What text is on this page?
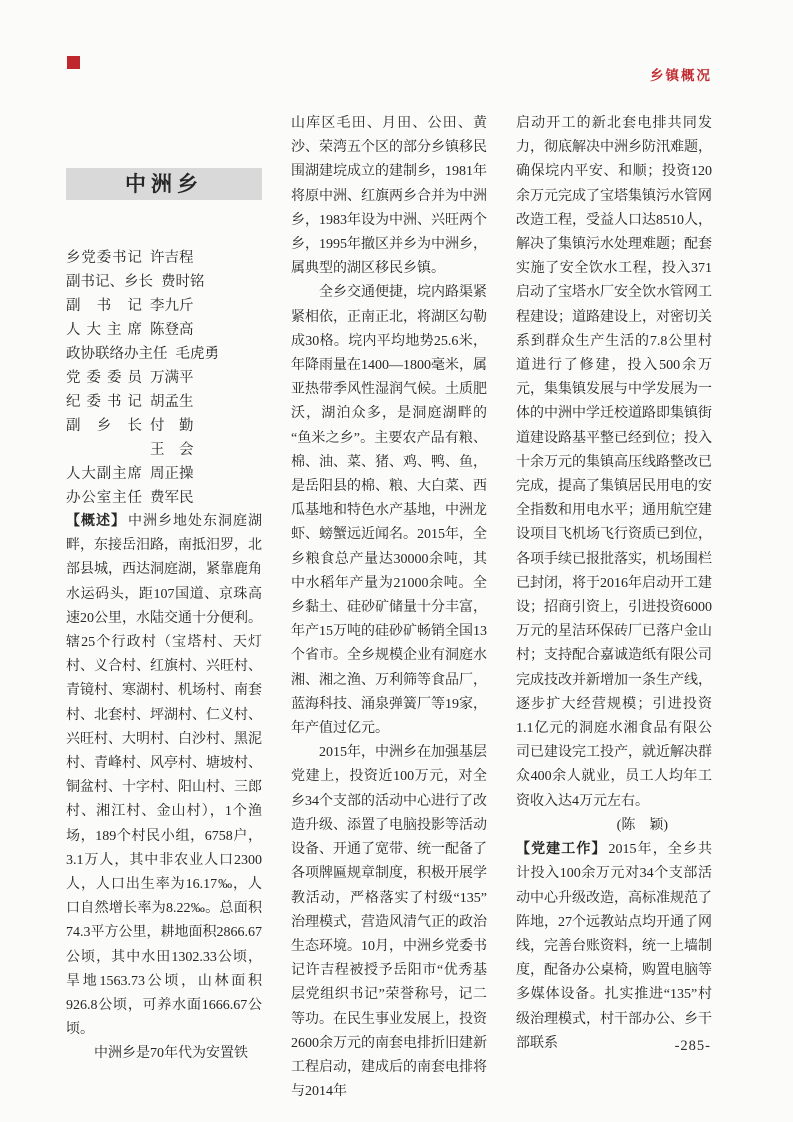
乡镇概况
中洲乡
乡党委书记 许吉程
副书记、乡长 费时铭
副书记 李九斤
人大主席 陈登高
政协联络办主任 毛虎勇
党委委员 万满平
纪委书记 胡孟生
副乡长 付　勤
王　会
人大副主席 周正操
办公室主任 费军民

【概述】 中洲乡地处东洞庭湖畔，东接岳汨路，南抵汨罗，北部县城，西达洞庭湖，紧靠鹿角水运码头，距107国道、京珠高速20公里，水陆交通十分便利。辖25个行政村（宝塔村、天灯村、义合村、红旗村、兴旺村、青镜村、寒湖村、机场村、南套村、北套村、坪湖村、仁义村、兴旺村、大明村、白沙村、黑泥村、青峰村、风亭村、塘坡村、铜盆村、十字村、阳山村、三郎村、湘江村、金山村），1个渔场，189个村民小组，6758户，3.1万人，其中非农业人口2300人，人口出生率为16.17‰，人口自然增长率为8.22‰。总面积74.3平方公里，耕地面积2866.67公顷，其中水田1302.33公顷，旱地1563.73公顷，山林面积926.8公顷，可养水面1666.67公顷。

中洲乡是70年代为安置铁

山库区毛田、月田、公田、黄沙、荣湾五个区的部分乡镇移民围湖建垸成立的建制乡，1981年将原中洲、红旗两乡合并为中洲乡，1983年设为中洲、兴旺两个乡，1995年撤区并乡为中洲乡，属典型的湖区移民乡镇。

全乡交通便捷，垸内路渠紧紧相依，正南正北，将湖区勾勒成30格。垸内平均地势25.6米，年降雨量在1400—1800毫米，属亚热带季风性湿润气候。土质肥沃，湖泊众多，是洞庭湖畔的“鱼米之乡”。主要农产品有粮、棉、油、菜、猪、鸡、鸭、鱼，是岳阳县的棉、粮、大白菜、西瓜基地和特色水产基地，中洲龙虾、螃蟹远近闻名。2015年，全乡粮食总产量达30000余吨，其中水稻年产量为21000余吨。全乡黏土、硅砂矿储量十分丰富，年产15万吨的硅砂矿畅销全国13个省市。全乡规模企业有洞庭水湘、湘之渔、万利筛等食品厂，蓝海科技、涌泉弹簧厂等19家，年产值过亿元。

2015年，中洲乡在加强基层党建上，投资近100万元，对全乡34个支部的活动中心进行了改造升级、添置了电脑投影等活动设备、开通了宽带、统一配备了各项牌匾规章制度，积极开展学教活动，严格落实了村级“135”治理模式，营造风清气正的政治生态环境。10月，中洲乡党委书记许吉程被授予岳阳市“优秀基层党组织书记”荣誉称号，记二等功。在民生事业发展上，投资2600余万元的南套电排折旧建新工程启动，建成后的南套电排将与2014年

启动开工的新北套电排共同发力，彻底解决中洲乡防汛难题，确保垸内平安、和顺；投资120余万元完成了宝塔集镇污水管网改造工程，受益人口达8510人，解决了集镇污水处理难题；配套实施了安全饮水工程，投入371启动了宝塔水厂安全饮水管网工程建设；道路建设上，对密切关系到群众生产生活的7.8公里村道进行了修建，投入500余万元，集集镇发展与中学发展为一体的中洲中学迁校道路即集镇街道建设路基平整已经到位；投入十余万元的集镇高压线路整改已完成，提高了集镇居民用电的安全指数和用电水平；通用航空建设项目飞机场飞行资质已到位，各项手续已报批落实，机场围栏已封闭，将于2016年启动开工建设；招商引资上，引进投资6000万元的星洁环保砖厂已落户金山村；支持配合嘉诚造纸有限公司完成技改并新增加一条生产线，逐步扩大经营规模；引进投资1.1亿元的洞庭水湘食品有限公司已建设完工投产，就近解决群众400余人就业，员工人均年工资收入达4万元左右。

(陈　颖)

【党建工作】 2015年，全乡共计投入100余万元对34个支部活动中心升级改造，高标准规范了阵地，27个远教站点均开通了网线，完善台账资料，统一上墙制度，配备办公桌椅，购置电脑等多媒体设备。扎实推进“135”村级治理模式，村干部办公、乡干部联系	-285-
